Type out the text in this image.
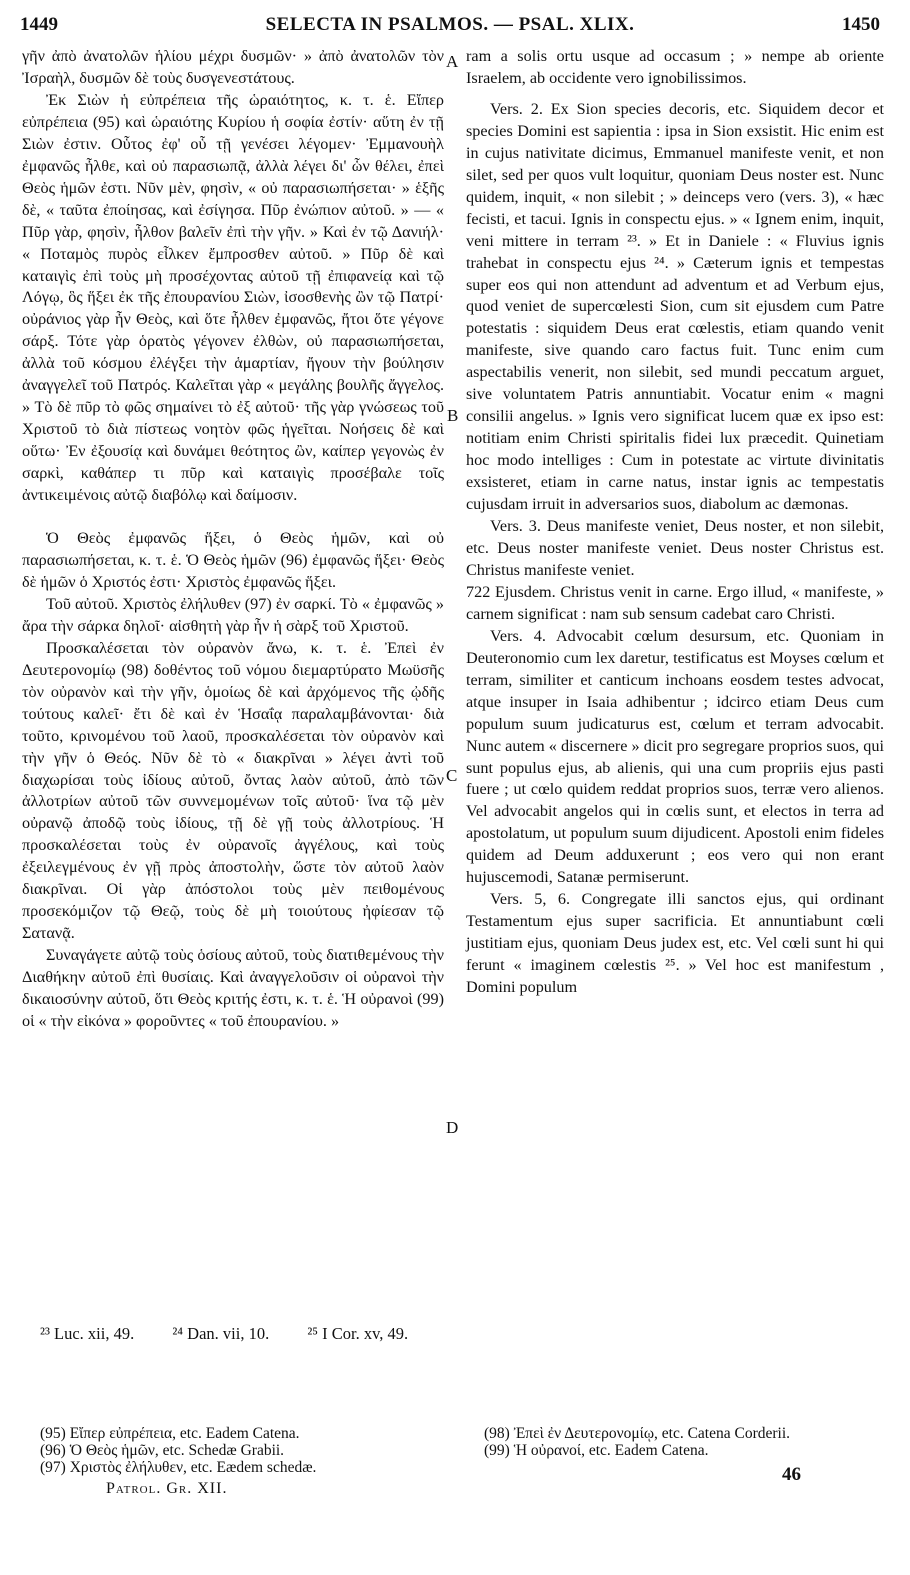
1449	SELECTA IN PSALMOS. — PSAL. XLIX.	1450

γῆν ἀπὸ ἀνατολῶν ἡλίου μέχρι δυσμῶν· » ἀπὸ ἀνατολῶν τὸν Ἰσραὴλ, δυσμῶν δὲ τοὺς δυσγενεστάτους.

Ἐκ Σιὼν ἡ εὐπρέπεια τῆς ὡραιότητος, κ. τ. ἑ. Εἴπερ εὐπρέπεια (95) καὶ ὡραιότης Κυρίου ἡ σοφία ἐστίν· αὕτη ἐν τῇ Σιὼν ἐστιν. Οὗτος ἐφ' οὗ τῇ γενέσει λέγομεν· Ἐμμανουὴλ ἐμφανῶς ἦλθε, καὶ οὐ παρασιωπᾷ, ἀλλὰ λέγει δι' ὧν θέλει, ἐπεὶ Θεὸς ἡμῶν ἐστι. Νῦν μὲν, φησὶν, « οὐ παρασιωπήσεται· » ἑξῆς δὲ, « ταῦτα ἐποίησας, καὶ ἐσίγησα. Πῦρ ἐνώπιον αὐτοῦ. » — « Πῦρ γὰρ, φησὶν, ἦλθον βαλεῖν ἐπὶ τὴν γῆν. » Καὶ ἐν τῷ Δανιήλ· « Ποταμὸς πυρὸς εἷλκεν ἔμπροσθεν αὐτοῦ. » Πῦρ δὲ καὶ καταιγὶς ἐπὶ τοὺς μὴ προσέχοντας αὐτοῦ τῇ ἐπιφανείᾳ καὶ τῷ Λόγῳ, ὃς ἥξει ἐκ τῆς ἐπουρανίου Σιὼν, ἰσοσθενὴς ὢν τῷ Πατρί· οὐράνιος γὰρ ἦν Θεὸς, καὶ ὅτε ἦλθεν ἐμφανῶς, ἤτοι ὅτε γέγονε σάρξ. Τότε γὰρ ὁρατὸς γέγονεν ἐλθὼν, οὐ παρασιωπήσεται, ἀλλὰ τοῦ κόσμου ἐλέγξει τὴν ἁμαρτίαν, ἤγουν τὴν βούλησιν ἀναγγελεῖ τοῦ Πατρός. Καλεῖται γὰρ « μεγάλης βουλῆς ἄγγελος. » Τὸ δὲ πῦρ τὸ φῶς σημαίνει τὸ ἐξ αὐτοῦ· τῆς γὰρ γνώσεως τοῦ Χριστοῦ τὸ διὰ πίστεως νοητὸν φῶς ἡγεῖται. Νοήσεις δὲ καὶ οὕτω· Ἐν ἐξουσίᾳ καὶ δυνάμει θεότητος ὢν, καίπερ γεγονὼς ἐν σαρκὶ, καθάπερ τι πῦρ καὶ καταιγὶς προσέβαλε τοῖς ἀντικειμένοις αὐτῷ διαβόλῳ καὶ δαίμοσιν.

Ὁ Θεὸς ἐμφανῶς ἥξει, ὁ Θεὸς ἡμῶν, καὶ οὐ παρασιωπήσεται, κ. τ. ἑ. Ὁ Θεὸς ἡμῶν (96) ἐμφανῶς ἥξει· Θεὸς δὲ ἡμῶν ὁ Χριστός ἐστι· Χριστὸς ἐμφανῶς ἥξει.

Τοῦ αὐτοῦ. Χριστὸς ἐλήλυθεν (97) ἐν σαρκί. Τὸ « ἐμφανῶς » ἄρα τὴν σάρκα δηλοῖ· αἰσθητὴ γὰρ ἦν ἡ σὰρξ τοῦ Χριστοῦ.

Προσκαλέσεται τὸν οὐρανὸν ἄνω, κ. τ. ἑ. Ἐπεὶ ἐν Δευτερονομίῳ (98) δοθέντος τοῦ νόμου διεμαρτύρατο Μωϋσῆς τὸν οὐρανὸν καὶ τὴν γῆν, ὁμοίως δὲ καὶ ἀρχόμενος τῆς ᾠδῆς τούτους καλεῖ· ἔτι δὲ καὶ ἐν Ἡσαΐᾳ παραλαμβάνονται· διὰ τοῦτο, κρινομένου τοῦ λαοῦ, προσκαλέσεται τὸν οὐρανὸν καὶ τὴν γῆν ὁ Θεός. Νῦν δὲ τὸ « διακρῖναι » λέγει ἀντὶ τοῦ διαχωρίσαι τοὺς ἰδίους αὐτοῦ, ὄντας λαὸν αὐτοῦ, ἀπὸ τῶν ἀλλοτρίων αὐτοῦ τῶν συννεμομένων τοῖς αὐτοῦ· ἵνα τῷ μὲν οὐρανῷ ἀποδῷ τοὺς ἰδίους, τῇ δὲ γῇ τοὺς ἀλλοτρίους. Ἡ προσκαλέσεται τοὺς ἐν οὐρανοῖς ἀγγέλους, καὶ τοὺς ἐξειλεγμένους ἐν γῇ πρὸς ἀποστολὴν, ὥστε τὸν αὐτοῦ λαὸν διακρῖναι. Οἱ γὰρ ἀπόστολοι τοὺς μὲν πειθομένους προσεκόμιζον τῷ Θεῷ, τοὺς δὲ μὴ τοιούτους ἠφίεσαν τῷ Σατανᾷ.

Συναγάγετε αὐτῷ τοὺς ὁσίους αὐτοῦ, τοὺς διατιθεμένους τὴν Διαθήκην αὐτοῦ ἐπὶ θυσίαις. Καὶ ἀναγγελοῦσιν οἱ οὐρανοὶ τὴν δικαιοσύνην αὐτοῦ, ὅτι Θεὸς κριτής ἐστι, κ. τ. ἑ. Ἡ οὐρανοὶ (99) οἱ « τὴν εἰκόνα » φοροῦντες « τοῦ ἐπουρανίου. »

ram a solis ortu usque ad occasum ; » nempe ab oriente Israelem, ab occidente vero ignobilissimos.

Vers. 2. Ex Sion species decoris, etc. Siquidem decor et species Domini est sapientia : ipsa in Sion exsistit. Hic enim est in cujus nativitate dicimus, Emmanuel manifeste venit, et non silet, sed per quos vult loquitur, quoniam Deus noster est. Nunc quidem, inquit, « non silebit ; » deinceps vero (vers. 3), « hæc fecisti, et tacui. Ignis in conspectu ejus. » « Ignem enim, inquit, veni mittere in terram ²³. » Et in Daniele : « Fluvius ignis trahebat in conspectu ejus ²⁴. » Cæterum ignis et tempestas super eos qui non attendunt ad adventum et ad Verbum ejus, quod veniet de supercœlesti Sion, cum sit ejusdem cum Patre potestatis : siquidem Deus erat cœlestis, etiam quando venit manifeste, sive quando caro factus fuit. Tunc enim cum aspectabilis venerit, non silebit, sed mundi peccatum arguet, sive voluntatem Patris annuntiabit. Vocatur enim « magni consilii angelus. » Ignis vero significat lucem quæ ex ipso est: notitiam enim Christi spiritalis fidei lux præcedit. Quinetiam hoc modo intelliges : Cum in potestate ac virtute divinitatis exsisteret, etiam in carne natus, instar ignis ac tempestatis cujusdam irruit in adversarios suos, diabolum ac dæmonas.

Vers. 3. Deus manifeste veniet, Deus noster, et non silebit, etc. Deus noster manifeste veniet. Deus noster Christus est. Christus manifeste veniet.

722 Ejusdem. Christus venit in carne. Ergo illud, « manifeste, » carnem significat : nam sub sensum cadebat caro Christi.

Vers. 4. Advocabit cœlum desursum, etc. Quoniam in Deuteronomio cum lex daretur, testificatus est Moyses cœlum et terram, similiter et canticum inchoans eosdem testes advocat, atque insuper in Isaia adhibentur ; idcirco etiam Deus cum populum suum judicaturus est, cœlum et terram advocabit. Nunc autem « discernere » dicit pro segregare proprios suos, qui sunt populus ejus, ab alienis, qui una cum propriis ejus pasti fuere ; ut cœlo quidem reddat proprios suos, terræ vero alienos. Vel advocabit angelos qui in cœlis sunt, et electos in terra ad apostolatum, ut populum suum dijudicent. Apostoli enim fideles quidem ad Deum adduxerunt ; eos vero qui non erant hujuscemodi, Satanæ permiserunt.

Vers. 5, 6. Congregate illi sanctos ejus, qui ordinant Testamentum ejus super sacrificia. Et annuntiabunt cœli justitiam ejus, quoniam Deus judex est, etc. Vel cœli sunt hi qui ferunt « imaginem cœlestis ²⁵. » Vel hoc est manifestum , Domini populum

A
B
C
D
²³ Luc. xii, 49. ²⁴ Dan. vii, 10. ²⁵ I Cor. xv, 49.
(95) Εἴπερ εὐπρέπεια, etc. Eadem Catena.
(96) Ὁ Θεὸς ἡμῶν, etc. Schedæ Grabii.
(97) Χριστὸς ἐλήλυθεν, etc. Eædem schedæ.
(98) Ἐπεὶ ἐν Δευτερονομίῳ, etc. Catena Corderii.
(99) Ἡ οὐρανοί, etc. Eadem Catena.
Patrol. Gr. XII.
46
